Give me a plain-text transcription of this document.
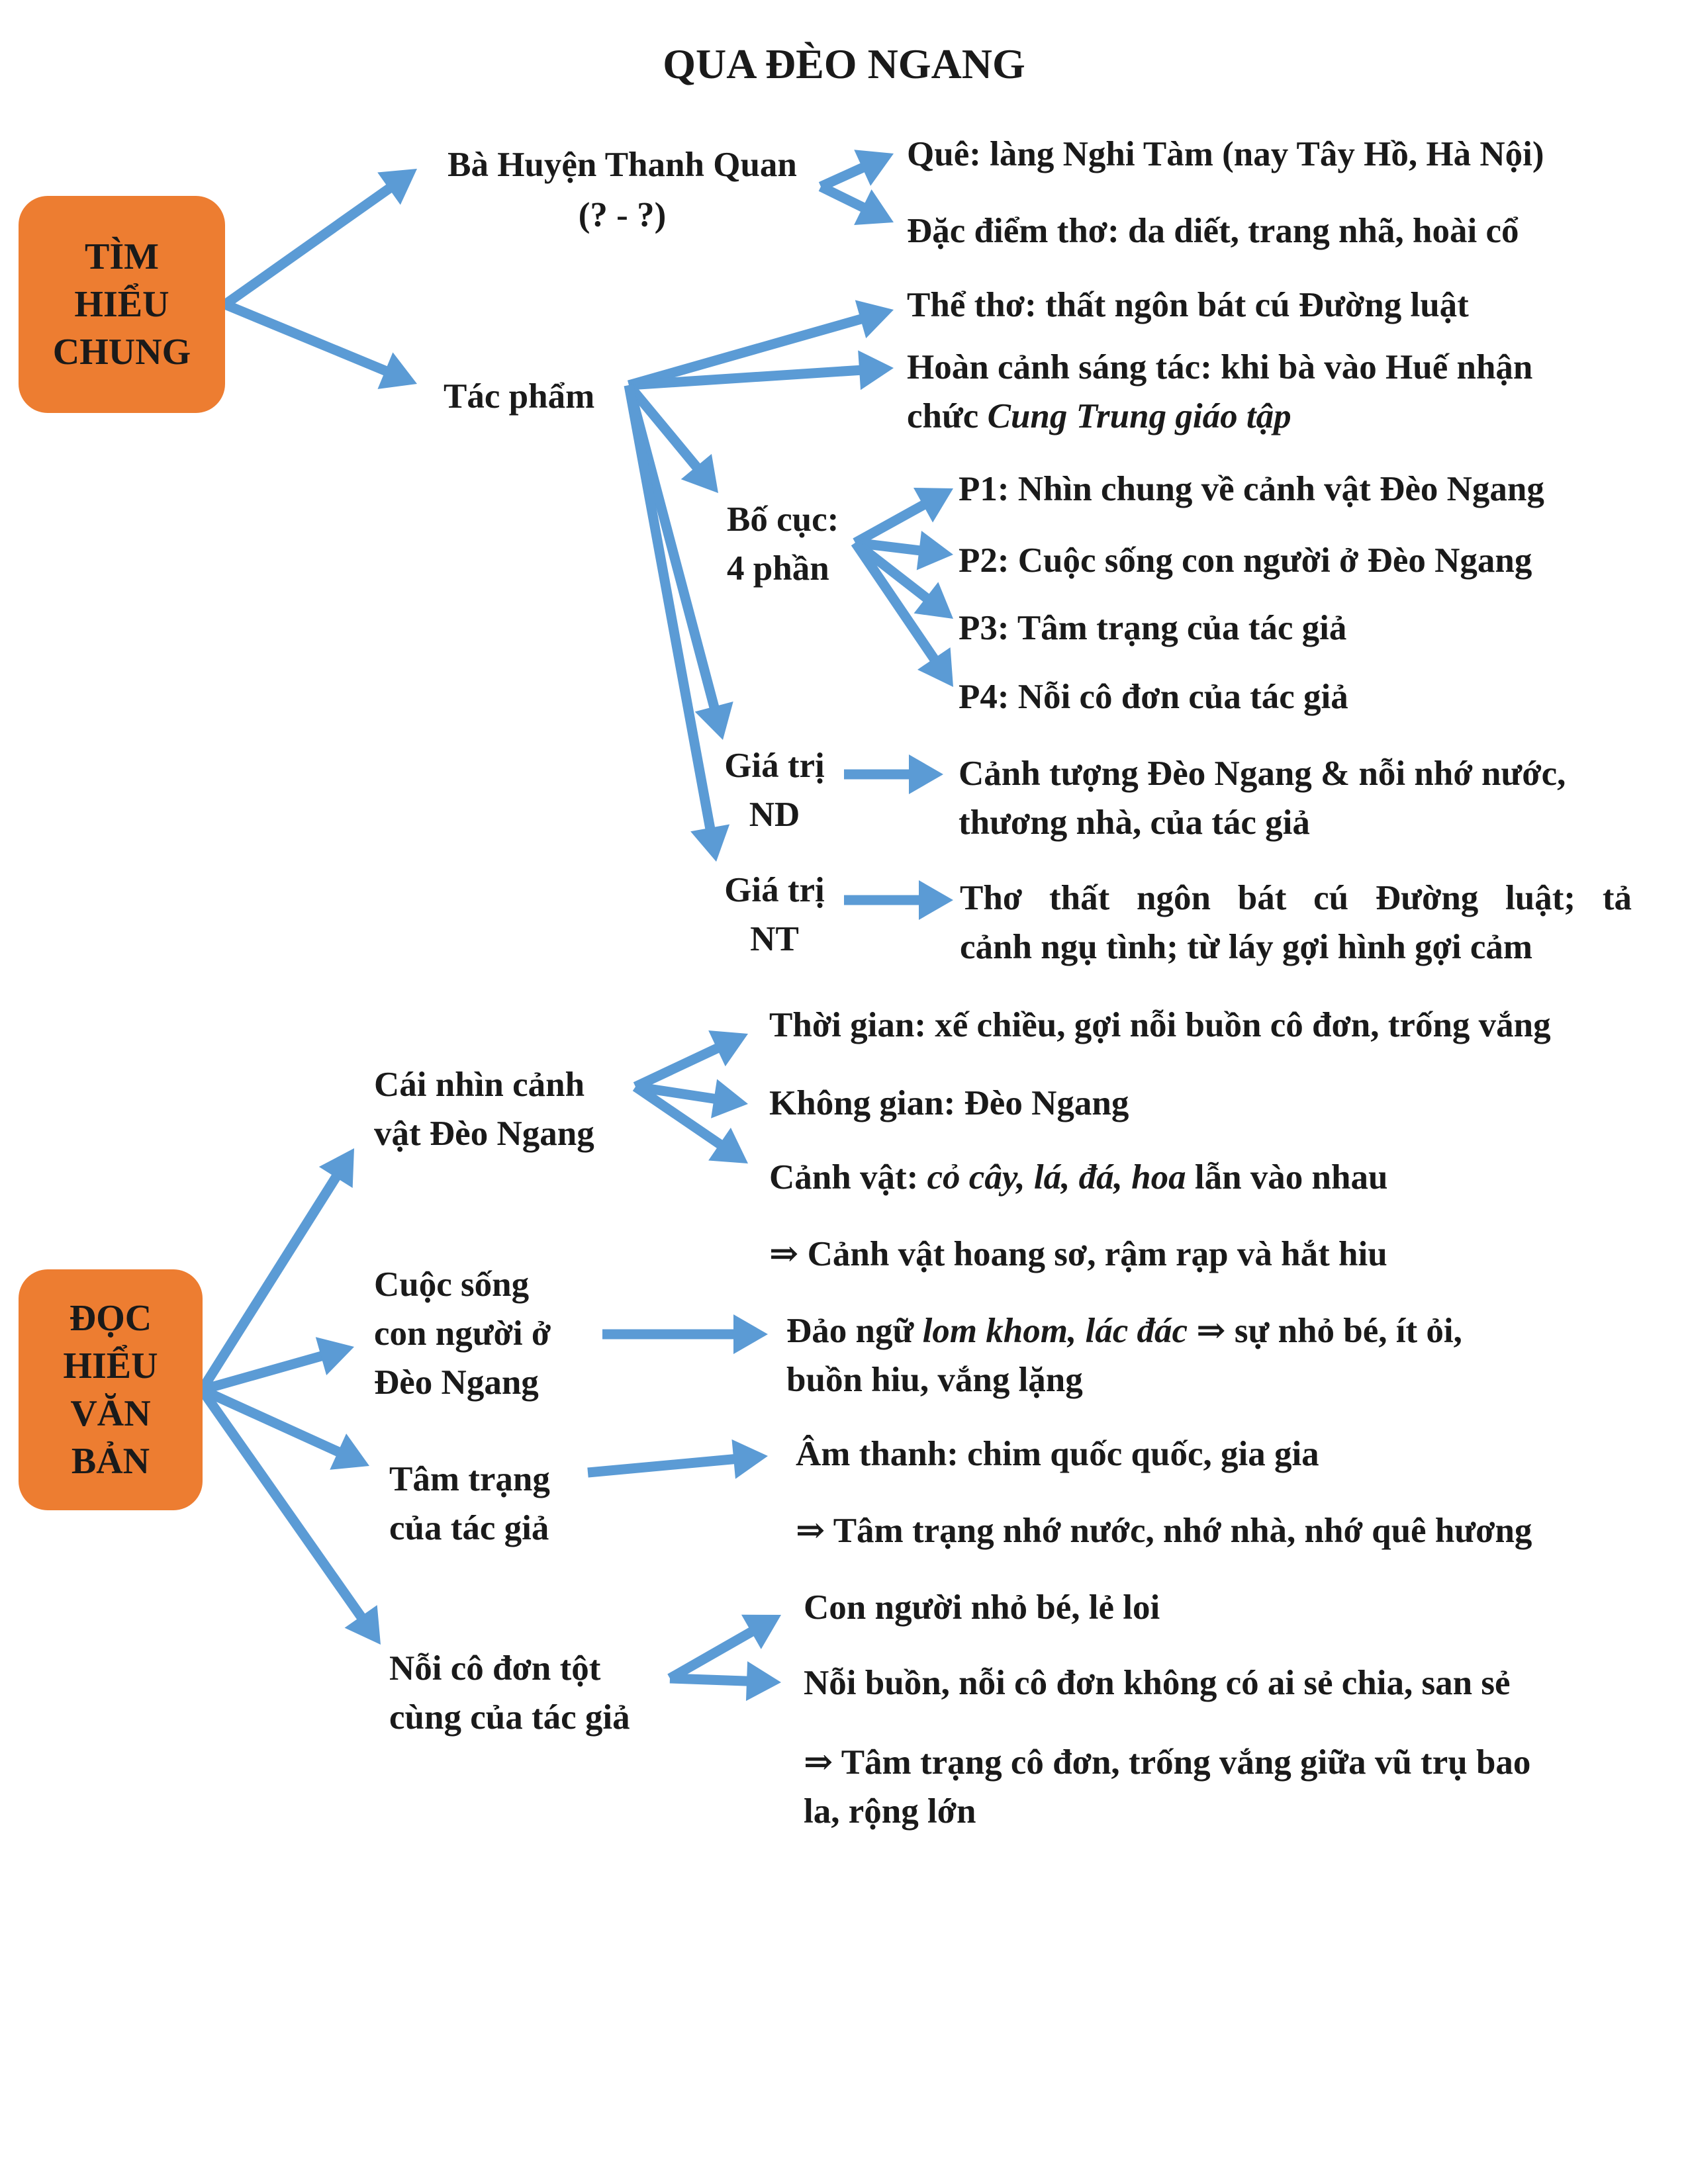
QUA ĐÈO NGANG
TÌM
HIỂU
CHUNG
Bà Huyện Thanh Quan
(? - ?)
Quê: làng Nghi Tàm (nay Tây Hồ, Hà Nội)
Đặc điểm thơ: da diết, trang nhã, hoài cổ
Tác phẩm
Thể thơ: thất ngôn bát cú Đường luật
Hoàn cảnh sáng tác: khi bà vào Huế nhận
chức Cung Trung giáo tập
Bố cục:
4 phần
P1: Nhìn chung về cảnh vật Đèo Ngang
P2: Cuộc sống con người ở Đèo Ngang
P3: Tâm trạng của tác giả
P4: Nỗi cô đơn của tác giả
Giá trị
ND
Cảnh tượng Đèo Ngang & nỗi nhớ nước,
thương nhà, của tác giả
Giá trị
NT
Thơ thất ngôn bát cú Đường luật; tả
cảnh ngụ tình; từ láy gợi hình gợi cảm
ĐỌC
HIỂU
VĂN
BẢN
Cái nhìn cảnh
vật Đèo Ngang
Thời gian: xế chiều, gợi nỗi buồn cô đơn, trống vắng
Không gian: Đèo Ngang
Cảnh vật: cỏ cây, lá, đá, hoa lẫn vào nhau
⇒ Cảnh vật hoang sơ, rậm rạp và hắt hiu
Cuộc sống
con người ở
Đèo Ngang
Đảo ngữ lom khom, lác đác ⇒ sự nhỏ bé, ít ỏi,
buồn hiu, vắng lặng
Tâm trạng
của tác giả
Âm thanh: chim quốc quốc, gia gia
⇒ Tâm trạng nhớ nước, nhớ nhà, nhớ quê hương
Nỗi cô đơn tột
cùng của tác giả
Con người nhỏ bé, lẻ loi
Nỗi buồn, nỗi cô đơn không có ai sẻ chia, san sẻ
⇒ Tâm trạng cô đơn, trống vắng giữa vũ trụ bao
la, rộng lớn
